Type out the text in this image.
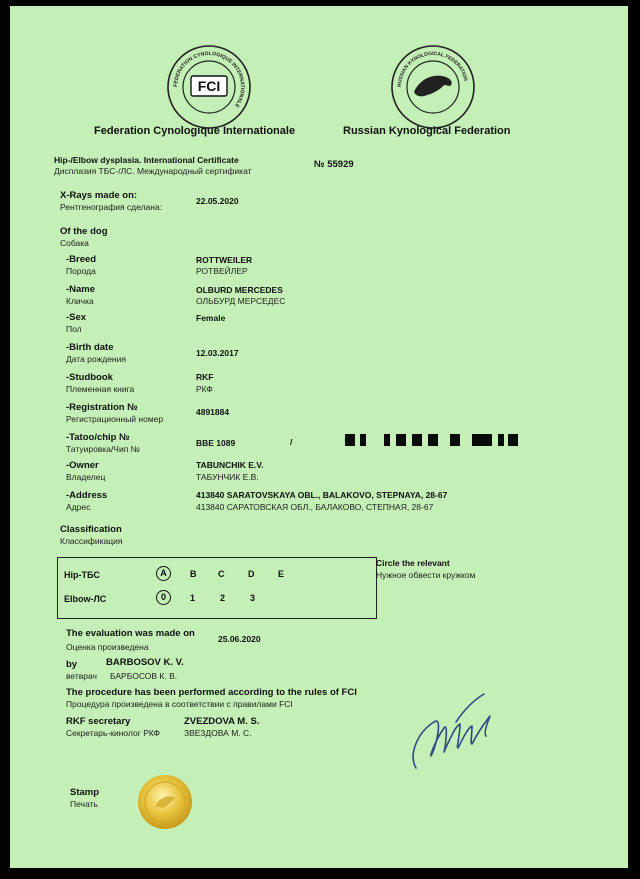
FEDERATION CYNOLOGIQUE INTERNATIONALE
FCI	RUSSIAN KYNOLOGICAL FEDERATION
Federation Cynologique Internationale	Russian Kynological Federation
Hip-/Elbow dysplasia. International Certificate
Дисплазия ТБС-/ЛС. Международный сертификат
№ 55929
X-Rays made on:
Рентгенография сделана:
22.05.2020
Of the dog
Собака
-Breed
Порода
ROTTWEILER
РОТВЕЙЛЕР
-Name
Кличка
OLBURD MERCEDES
ОЛЬБУРД МЕРСЕДЕС
-Sex
Пол
Female
-Birth date
Дата рождения
12.03.2017
-Studbook
Племенная книга
RKF
РКФ
-Registration №
Регистрационный номер
4891884
-Tatoo/chip №
Татуировка/Чип №
BBE 1089	/
-Owner
Владелец
TABUNCHIK E.V.
ТАБУНЧИК Е.В.
-Address
Адрес
413840 SARATOVSKAYA OBL., BALAKOVO, STEPNAYA, 28-67
413840 САРАТОВСКАЯ ОБЛ., БАЛАКОВО, СТЕПНАЯ, 28-67
Classification
Классификация
Hip-ТБС
Elbow-ЛС
A	B C	D	E
0	1	2	3
Circle the relevant
Нужное обвести кружком
The evaluation was made on
Оценка произведена
25.06.2020
by
ветврач
BARBOSOV K. V.
БАРБОСОВ К. В.
The procedure has been performed according to the rules of FCI
Процедура произведена в соответствии с правилами FCI
RKF secretary
Секретарь-кинолог РКФ
ZVEZDOVA M. S.
ЗВЕЗДОВА М. С.
Stamp
Печать
